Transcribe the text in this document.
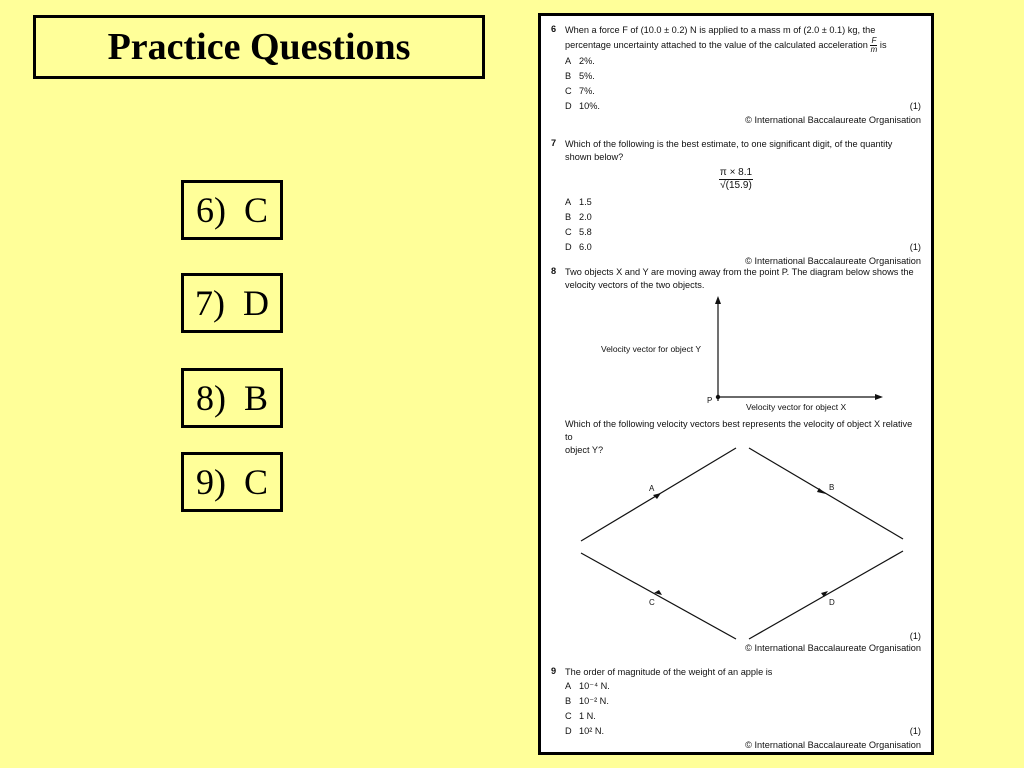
Practice Questions
6)  C
7)  D
8)  B
9)  C
6 When a force F of (10.0 ± 0.2) N is applied to a mass m of (2.0 ± 0.1) kg, the
percentage uncertainty attached to the value of the calculated acceleration $\frac{F}{m}$ is
A 2%.
B 5%.
C 7%.
D 10%.	(1)
© International Baccalaureate Organisation
7 Which of the following is the best estimate, to one significant digit, of the quantity
shown below?
$\frac{\pi \times 8.1}{√(15.9)}$
A 1.5
B 2.0
C 5.8
D 6.0	(1)
© International Baccalaureate Organisation
8 Two objects X and Y are moving away from the point P. The diagram below shows the
velocity vectors of the two objects.
Velocity vector for object Y
Velocity vector for object X
P
Which of the following velocity vectors best represents the velocity of object X relative to
object Y?
A	B
C	D
(1)
© International Baccalaureate Organisation
9 The order of magnitude of the weight of an apple is
A 10⁻⁴ N.
B 10⁻² N.
C 1 N.
D 10² N.	(1)
© International Baccalaureate Organisation
